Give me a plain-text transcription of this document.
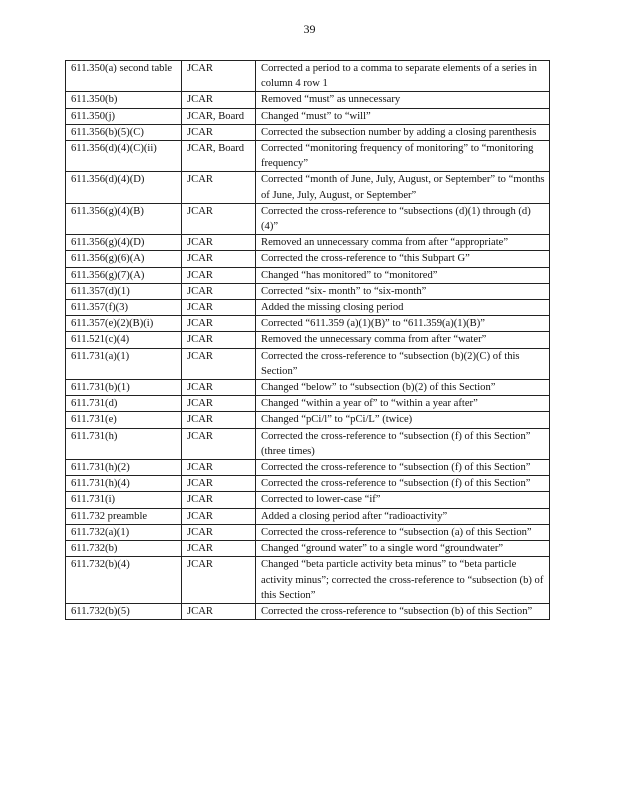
39
611.350(a) second table	JCAR	Corrected a period to a comma to separate elements of a series in column 4 row 1
611.350(b)	JCAR	Removed “must” as unnecessary
611.350(j)	JCAR, Board	Changed “must” to “will”
611.356(b)(5)(C)	JCAR	Corrected the subsection number by adding a closing parenthesis
611.356(d)(4)(C)(ii)	JCAR, Board	Corrected “monitoring frequency of monitoring” to “monitoring frequency”
611.356(d)(4)(D)	JCAR	Corrected “month of June, July, August, or September” to “months of June, July, August, or September”
611.356(g)(4)(B)	JCAR	Corrected the cross-reference to “subsections (d)(1) through (d)(4)”
611.356(g)(4)(D)	JCAR	Removed an unnecessary comma from after “appropriate”
611.356(g)(6)(A)	JCAR	Corrected the cross-reference to “this Subpart G”
611.356(g)(7)(A)	JCAR	Changed “has monitored” to “monitored”
611.357(d)(1)	JCAR	Corrected “six- month” to “six-month”
611.357(f)(3)	JCAR	Added the missing closing period
611.357(e)(2)(B)(i)	JCAR	Corrected “611.359 (a)(1)(B)” to “611.359(a)(1)(B)”
611.521(c)(4)	JCAR	Removed the unnecessary comma from after “water”
611.731(a)(1)	JCAR	Corrected the cross-reference to “subsection (b)(2)(C) of this Section”
611.731(b)(1)	JCAR	Changed “below” to “subsection (b)(2) of this Section”
611.731(d)	JCAR	Changed “within a year of” to “within a year after”
611.731(e)	JCAR	Changed “pCi/l” to “pCi/L” (twice)
611.731(h)	JCAR	Corrected the cross-reference to “subsection (f) of this Section” (three times)
611.731(h)(2)	JCAR	Corrected the cross-reference to “subsection (f) of this Section”
611.731(h)(4)	JCAR	Corrected the cross-reference to “subsection (f) of this Section”
611.731(i)	JCAR	Corrected to lower-case “if”
611.732 preamble	JCAR	Added a closing period after “radioactivity”
611.732(a)(1)	JCAR	Corrected the cross-reference to “subsection (a) of this Section”
611.732(b)	JCAR	Changed “ground water” to a single word “groundwater”
611.732(b)(4)	JCAR	Changed “beta particle activity beta minus” to “beta particle activity minus”; corrected the cross-reference to “subsection (b) of this Section”
611.732(b)(5)	JCAR	Corrected the cross-reference to “subsection (b) of this Section”
